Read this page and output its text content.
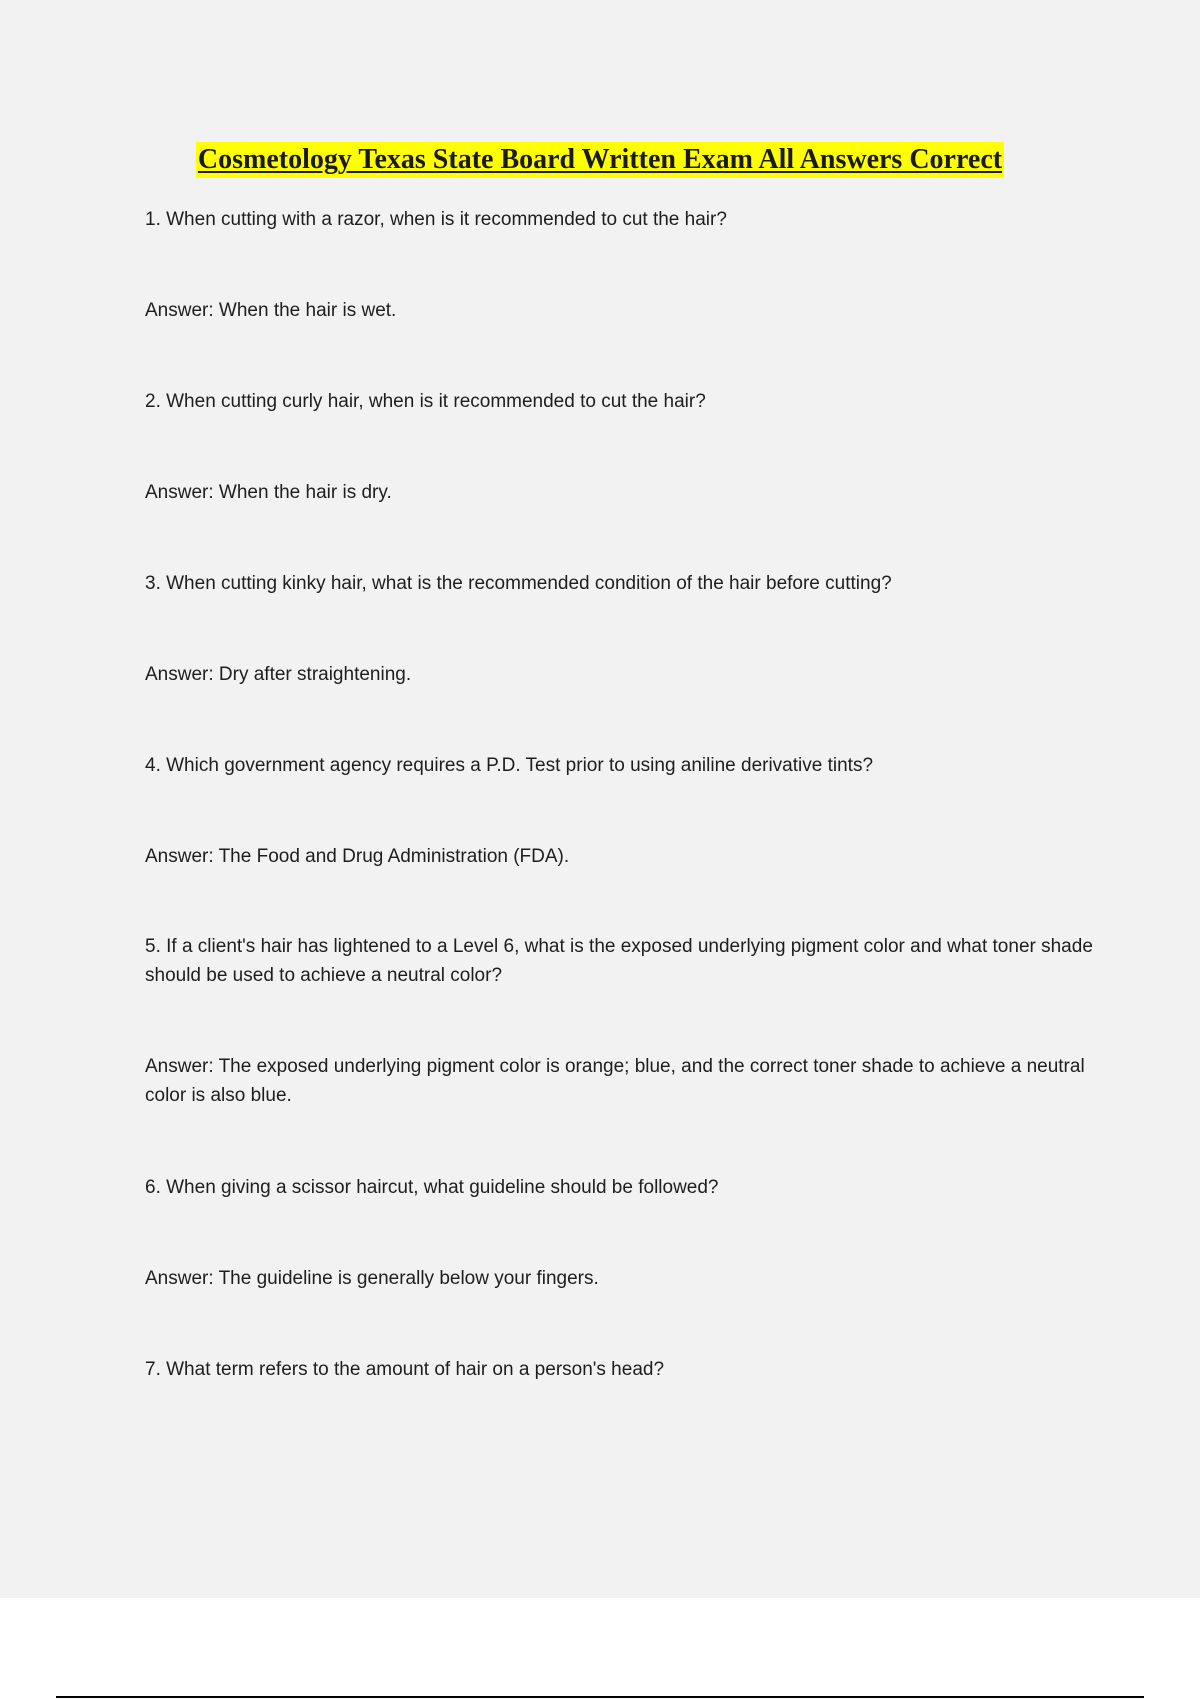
Cosmetology Texas State Board Written Exam All Answers Correct

1. When cutting with a razor, when is it recommended to cut the hair?

Answer: When the hair is wet.

2. When cutting curly hair, when is it recommended to cut the hair?

Answer: When the hair is dry.

3. When cutting kinky hair, what is the recommended condition of the hair before cutting?

Answer: Dry after straightening.

4. Which government agency requires a P.D. Test prior to using aniline derivative tints?

Answer: The Food and Drug Administration (FDA).

5. If a client's hair has lightened to a Level 6, what is the exposed underlying pigment color and what toner shade should be used to achieve a neutral color?

Answer: The exposed underlying pigment color is orange; blue, and the correct toner shade to achieve a neutral color is also blue.

6. When giving a scissor haircut, what guideline should be followed?

Answer: The guideline is generally below your fingers.

7. What term refers to the amount of hair on a person's head?
